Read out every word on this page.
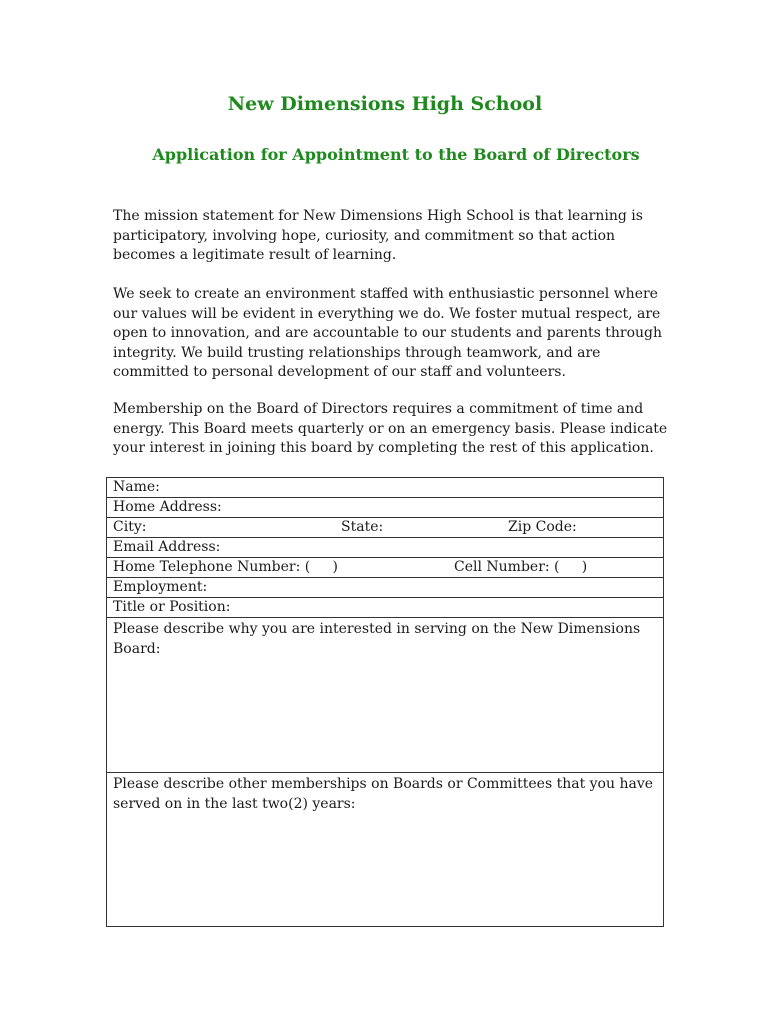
New Dimensions High School
Application for Appointment to the Board of Directors

The mission statement for New Dimensions High School is that learning is participatory, involving hope, curiosity, and commitment so that action becomes a legitimate result of learning.

We seek to create an environment staffed with enthusiastic personnel where our values will be evident in everything we do. We foster mutual respect, are open to innovation, and are accountable to our students and parents through integrity. We build trusting relationships through teamwork, and are committed to personal development of our staff and volunteers.

Membership on the Board of Directors requires a commitment of time and energy. This Board meets quarterly or on an emergency basis. Please indicate your interest in joining this board by completing the rest of this application.

Name:
Home Address:
City:	State:	Zip Code:
Email Address:
Home Telephone Number: (     )	Cell Number: (     )
Employment:
Title or Position:
Please describe why you are interested in serving on the New Dimensions Board:
Please describe other memberships on Boards or Committees that you have served on in the last two(2) years:
